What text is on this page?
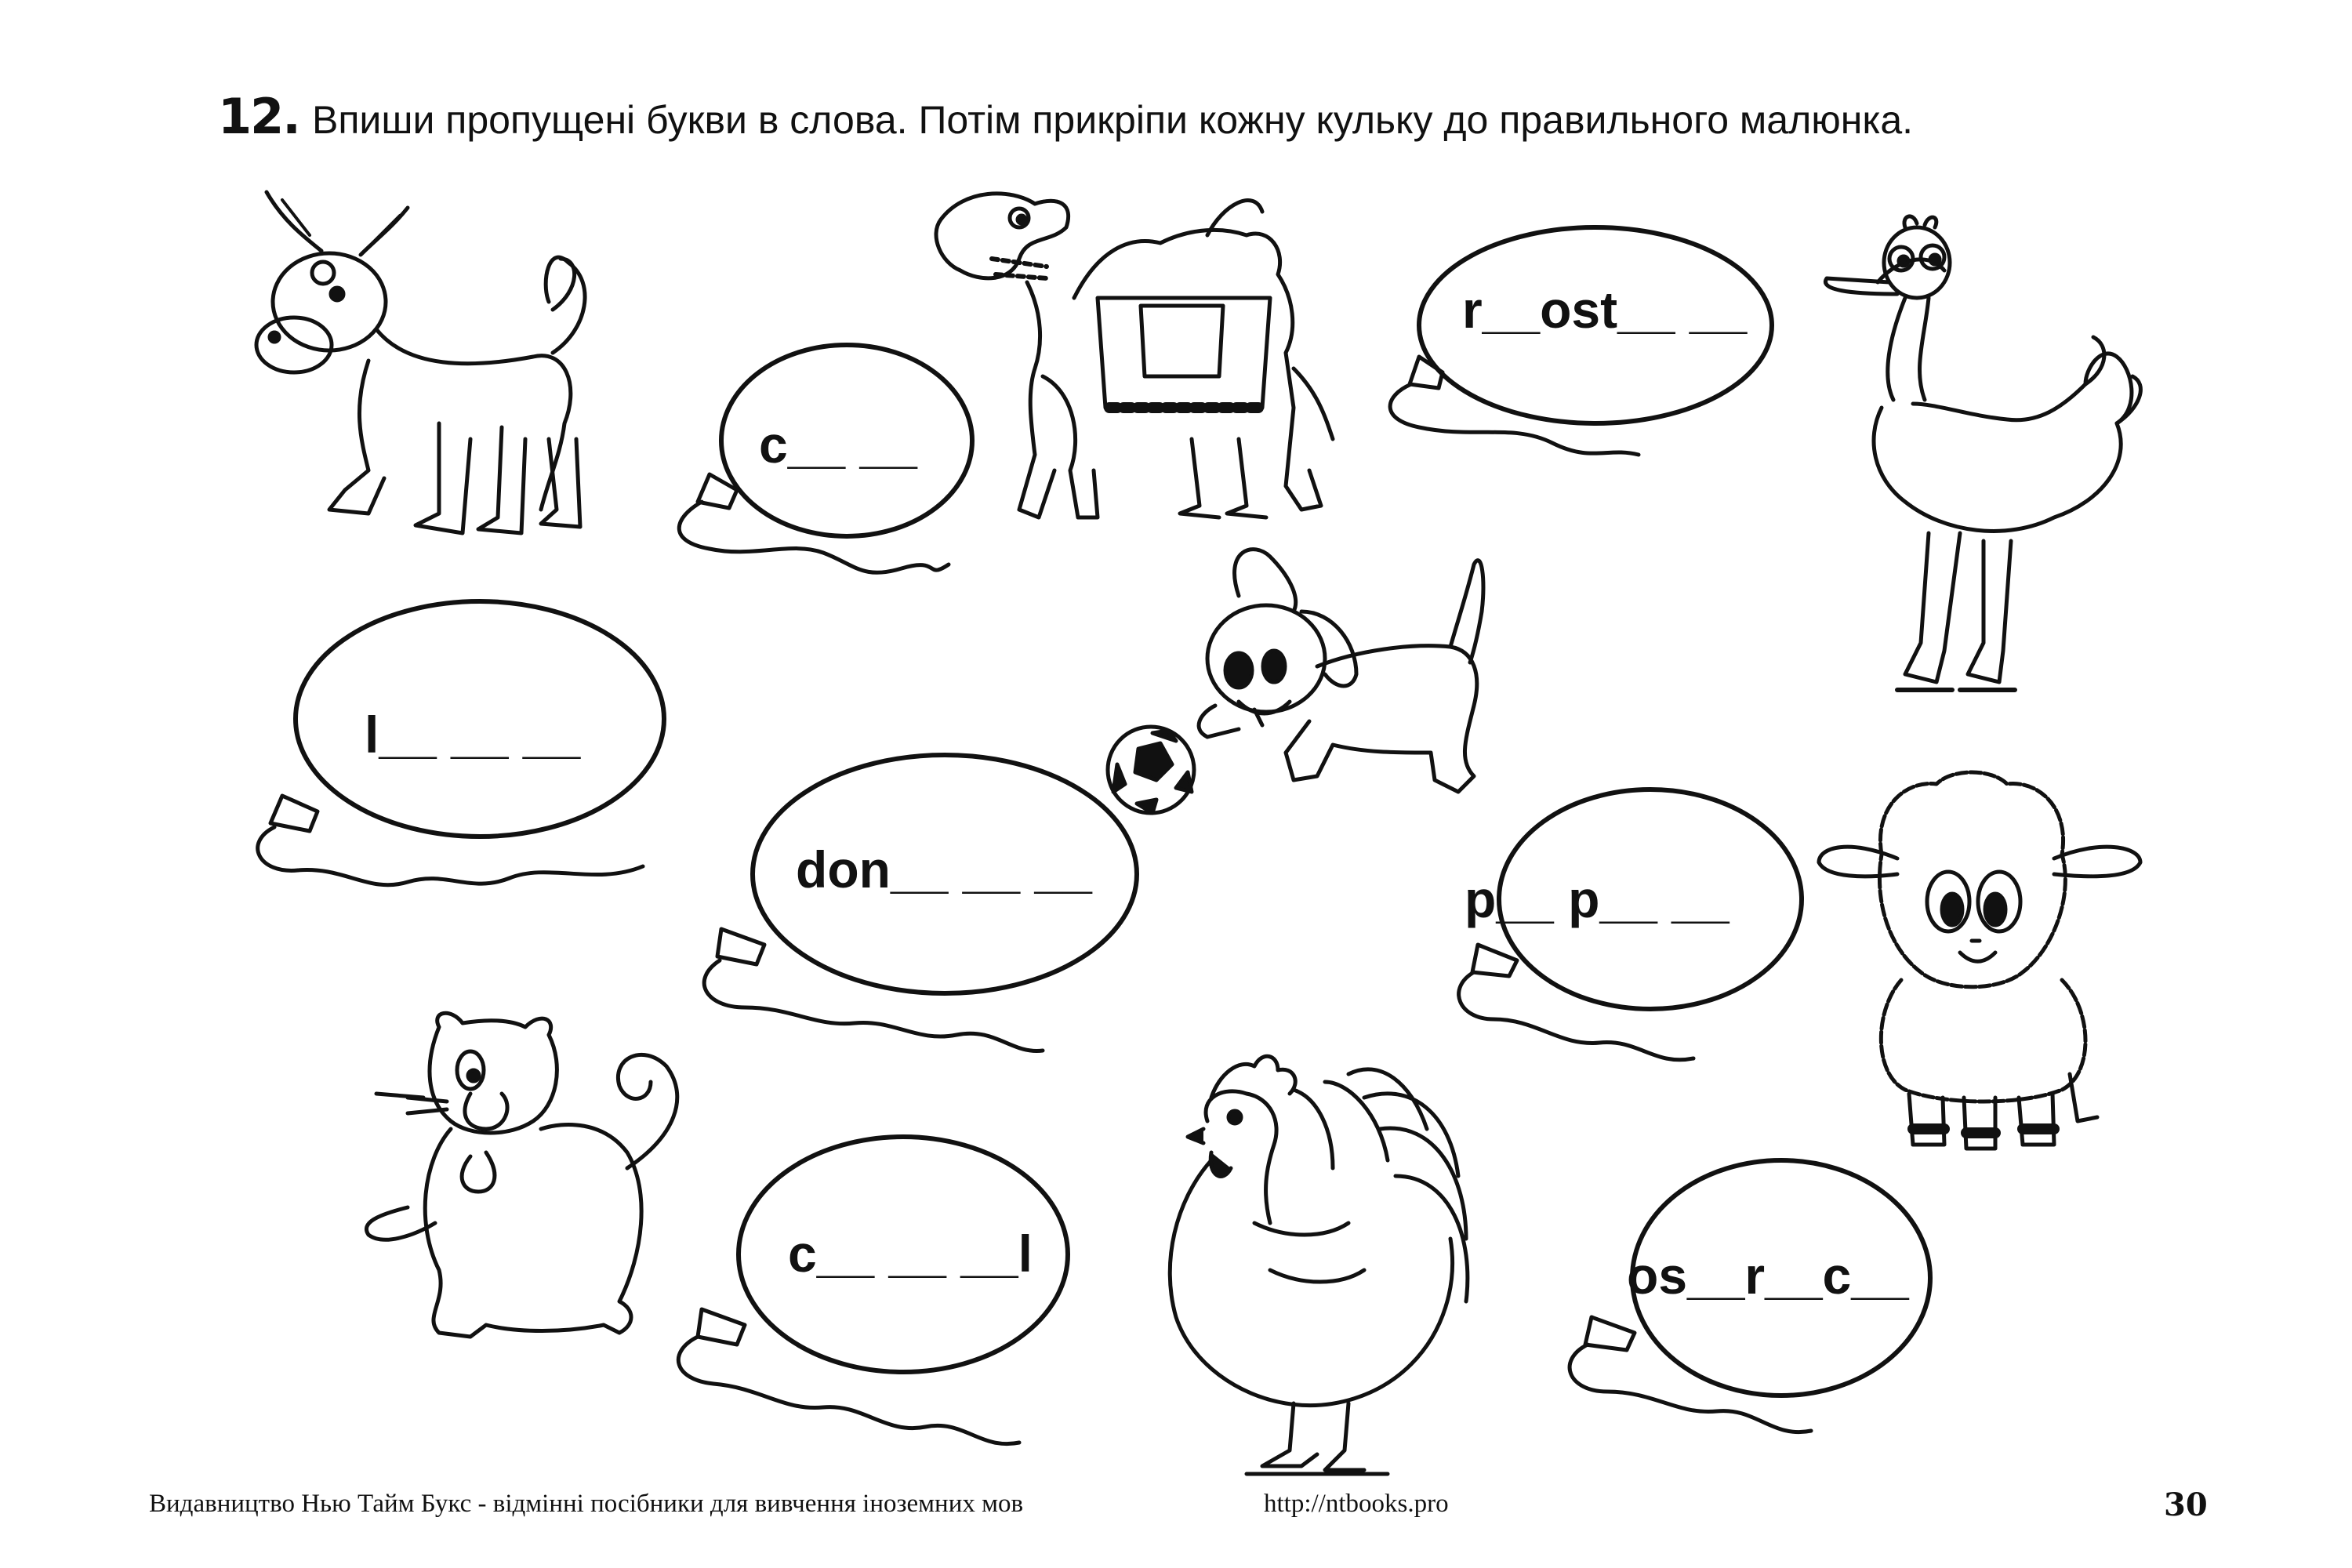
12. Впиши пропущені букви в слова. Потім прикріпи кожну кульку до правильного малюнка.
c__ __
r__ost__ __
l__ __ __
don__ __ __
p__ p__ __
c__ __ __l	os__r__c__
Видавництво Нью Тайм Букс - відмінні посібники для вивчення іноземних мов	http://ntbooks.pro	30
